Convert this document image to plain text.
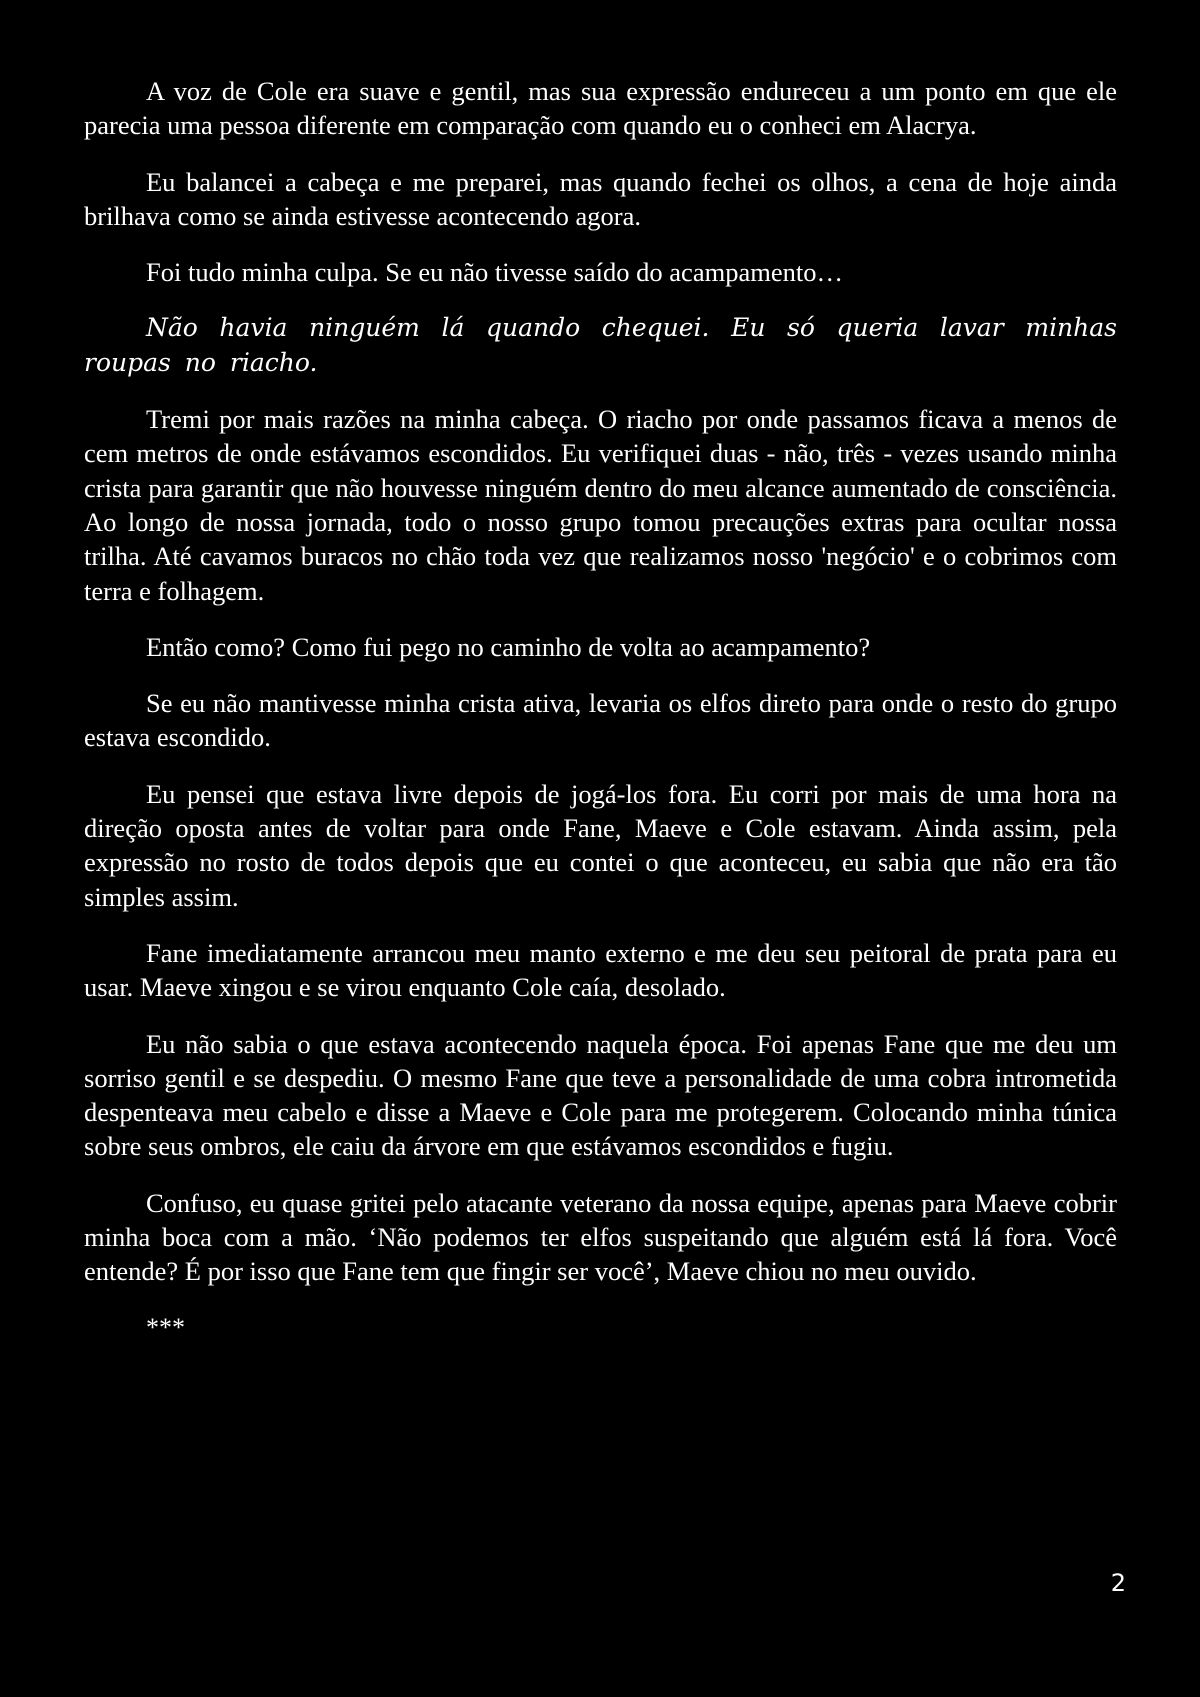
A voz de Cole era suave e gentil, mas sua expressão endureceu a um ponto em que ele parecia uma pessoa diferente em comparação com quando eu o conheci em Alacrya.

Eu balancei a cabeça e me preparei, mas quando fechei os olhos, a cena de hoje ainda brilhava como se ainda estivesse acontecendo agora.

Foi tudo minha culpa. Se eu não tivesse saído do acampamento…

Não havia ninguém lá quando chequei. Eu só queria lavar minhas roupas no riacho.

Tremi por mais razões na minha cabeça. O riacho por onde passamos ficava a menos de cem metros de onde estávamos escondidos. Eu verifiquei duas - não, três - vezes usando minha crista para garantir que não houvesse ninguém dentro do meu alcance aumentado de consciência. Ao longo de nossa jornada, todo o nosso grupo tomou precauções extras para ocultar nossa trilha. Até cavamos buracos no chão toda vez que realizamos nosso 'negócio' e o cobrimos com terra e folhagem.

Então como? Como fui pego no caminho de volta ao acampamento?

Se eu não mantivesse minha crista ativa, levaria os elfos direto para onde o resto do grupo estava escondido.

Eu pensei que estava livre depois de jogá-los fora. Eu corri por mais de uma hora na direção oposta antes de voltar para onde Fane, Maeve e Cole estavam. Ainda assim, pela expressão no rosto de todos depois que eu contei o que aconteceu, eu sabia que não era tão simples assim.

Fane imediatamente arrancou meu manto externo e me deu seu peitoral de prata para eu usar. Maeve xingou e se virou enquanto Cole caía, desolado.

Eu não sabia o que estava acontecendo naquela época. Foi apenas Fane que me deu um sorriso gentil e se despediu. O mesmo Fane que teve a personalidade de uma cobra intrometida despenteava meu cabelo e disse a Maeve e Cole para me protegerem. Colocando minha túnica sobre seus ombros, ele caiu da árvore em que estávamos escondidos e fugiu.

Confuso, eu quase gritei pelo atacante veterano da nossa equipe, apenas para Maeve cobrir minha boca com a mão. ‘Não podemos ter elfos suspeitando que alguém está lá fora. Você entende? É por isso que Fane tem que fingir ser você’, Maeve chiou no meu ouvido.

***

2
